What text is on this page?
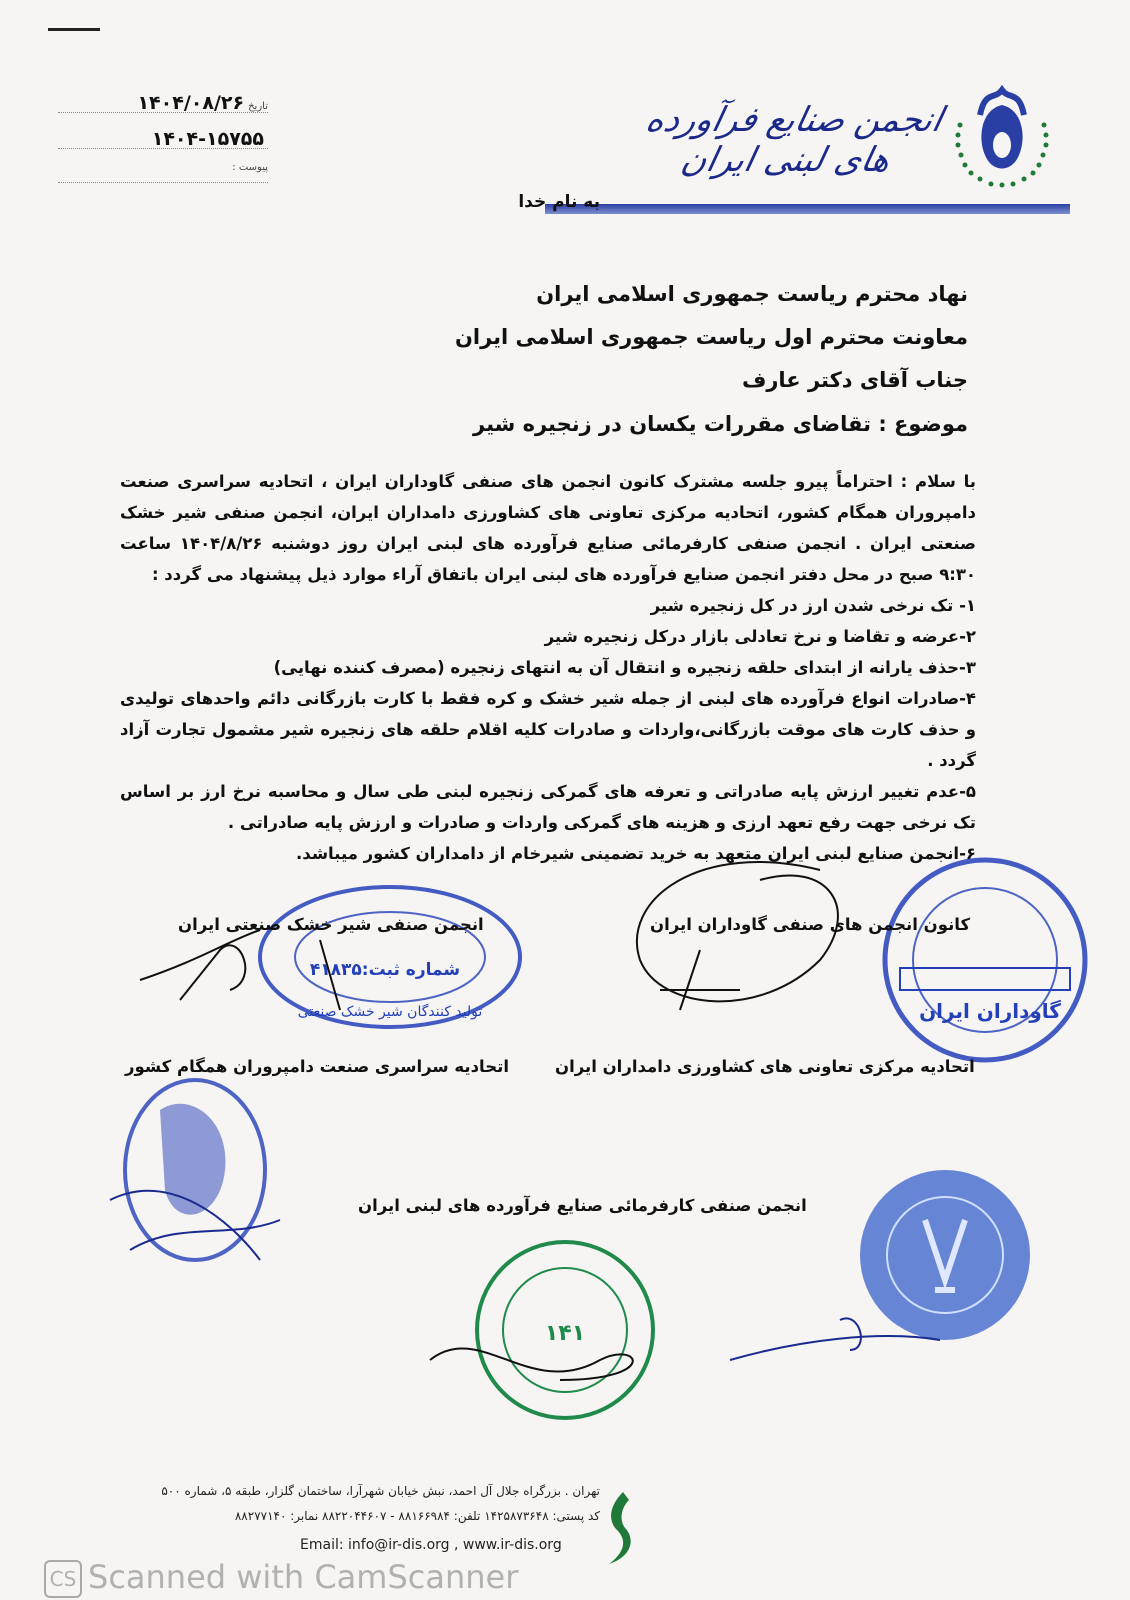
تاریخ۱۴۰۴/۰۸/۲۶
۱۴۰۴-۱۵۷۵۵
پیوست :
انجمن صنایع فرآورده های لبنی ایران
به نام خدا
نهاد محترم ریاست جمهوری اسلامی ایران
معاونت محترم اول ریاست جمهوری اسلامی ایران
جناب آقای دکتر عارف
موضوع : تقاضای مقررات یکسان در زنجیره شیر

با سلام : احتراماً پیرو جلسه مشترک کانون انجمن های صنفی گاوداران ایران ، اتحادیه سراسری صنعت دامپروران همگام کشور، اتحادیه مرکزی تعاونی های کشاورزی دامداران ایران، انجمن صنفی شیر خشک صنعتی ایران . انجمن صنفی کارفرمائی صنایع فرآورده های لبنی ایران روز دوشنبه ۱۴۰۴/۸/۲۶ ساعت ۹:۳۰ صبح در محل دفتر انجمن صنایع فرآورده های لبنی ایران باتفاق آراء موارد ذیل پیشنهاد می گردد :

۱- تک نرخی شدن ارز در کل زنجیره شیر

۲-عرضه و تقاضا و نرخ تعادلی بازار درکل زنجیره شیر

۳-حذف یارانه از ابتدای حلقه زنجیره و انتقال آن به انتهای زنجیره (مصرف کننده نهایی)

۴-صادرات انواع فرآورده های لبنی از جمله شیر خشک و کره فقط با کارت بازرگانی دائم واحدهای تولیدی و حذف کارت های موقت بازرگانی،واردات و صادرات کلیه اقلام حلقه های زنجیره شیر مشمول تجارت آزاد گردد .

۵-عدم تغییر ارزش پایه صادراتی و تعرفه های گمرکی زنجیره لبنی طی سال و محاسبه نرخ ارز بر اساس تک نرخی جهت رفع تعهد ارزی و هزینه های گمرکی واردات و صادرات و ارزش پایه صادراتی .

۶-انجمن صنایع لبنی ایران متعهد به خرید تضمینی شیرخام از دامداران کشور میباشد.

گاوداران ایران
شماره ثبت:۴۱۸۳۵
تولید کنندگان شیر خشک صنعتی
۱۴۱
کانون انجمن های صنفی گاوداران ایران
انجمن صنفی شیر خشک صنعتی ایران
اتحادیه مرکزی تعاونی های کشاورزی دامداران ایران
اتحادیه سراسری صنعت دامپروران همگام کشور
انجمن صنفی کارفرمائی صنایع فرآورده های لبنی ایران
تهران . بزرگراه جلال آل احمد، نبش خیابان شهرآرا، ساختمان گلزار، طبقه ۵، شماره ۵۰۰
کد پستی: ۱۴۲۵۸۷۳۶۴۸ تلفن: ۸۸۱۶۶۹۸۴ - ۸۸۲۲۰۴۴۶۰۷ نمابر: ۸۸۲۷۷۱۴۰
Email: info@ir-dis.org , www.ir-dis.org
CS Scanned with CamScanner
